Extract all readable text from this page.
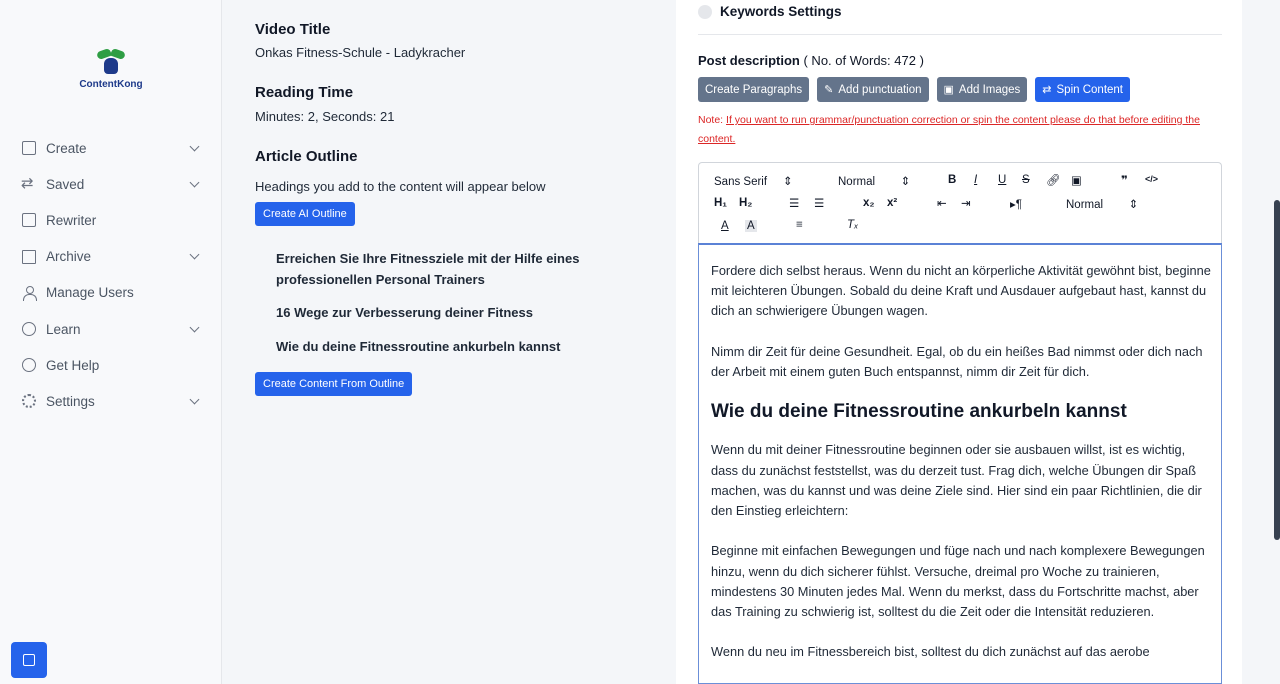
ContentKong
Create
⇄
Saved
Rewriter
Archive
Manage Users
Learn
Get Help
Settings
Video Title
Onkas Fitness-Schule - Ladykracher
Reading Time
Minutes: 2, Seconds: 21
Article Outline
Headings you add to the content will appear below
Create AI Outline
Erreichen Sie Ihre Fitnessziele mit der Hilfe eines professionellen Personal Trainers
16 Wege zur Verbesserung deiner Fitness
Wie du deine Fitnessroutine ankurbeln kannst
Create Content From Outline
Keywords Settings
Post description ( No. of Words: 472 )
Create Paragraphs ✎ Add punctuation ▣ Add Images ⇄ Spin Content
Note: If you want to run grammar/punctuation correction or spin the content please do that before editing the content.
Sans Serif     ⇕	Normal        ⇕	B I U S 🔗︎ ▣	❞ </>
H₁ H₂	☰ ☰	x₂ x²	⇤ ⇥	▸¶	Normal        ⇕
A A	≡	Tₓ

Fordere dich selbst heraus. Wenn du nicht an körperliche Aktivität gewöhnt bist, beginne mit leichteren Übungen. Sobald du deine Kraft und Ausdauer aufgebaut hast, kannst du dich an schwierigere Übungen wagen.

Nimm dir Zeit für deine Gesundheit. Egal, ob du ein heißes Bad nimmst oder dich nach der Arbeit mit einem guten Buch entspannst, nimm dir Zeit für dich.

Wie du deine Fitnessroutine ankurbeln kannst

Wenn du mit deiner Fitnessroutine beginnen oder sie ausbauen willst, ist es wichtig, dass du zunächst feststellst, was du derzeit tust. Frag dich, welche Übungen dir Spaß machen, was du kannst und was deine Ziele sind. Hier sind ein paar Richtlinien, die dir den Einstieg erleichtern:

Beginne mit einfachen Bewegungen und füge nach und nach komplexere Bewegungen hinzu, wenn du dich sicherer fühlst. Versuche, dreimal pro Woche zu trainieren, mindestens 30 Minuten jedes Mal. Wenn du merkst, dass du Fortschritte machst, aber das Training zu schwierig ist, solltest du die Zeit oder die Intensität reduzieren.

Wenn du neu im Fitnessbereich bist, solltest du dich zunächst auf das aerobe
